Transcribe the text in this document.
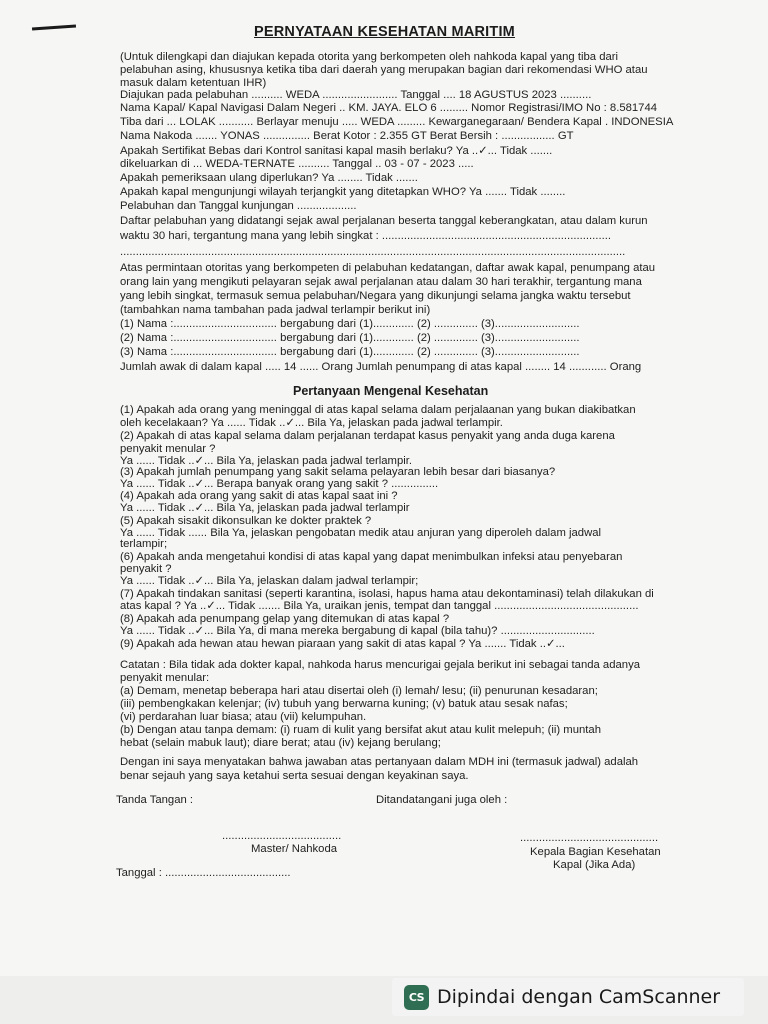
PERNYATAAN KESEHATAN MARITIM
(Untuk dilengkapi dan diajukan kepada otorita yang berkompeten oleh nahkoda kapal yang tiba dari
pelabuhan asing, khususnya ketika tiba dari daerah yang merupakan bagian dari rekomendasi WHO atau
masuk dalam ketentuan IHR)
Diajukan pada pelabuhan .......... WEDA ........................ Tanggal .... 18 AGUSTUS 2023 ..........
Nama Kapal/ Kapal Navigasi Dalam Negeri .. KM. JAYA. ELO 6 ......... Nomor Registrasi/IMO No : 8.581744
Tiba dari ... LOLAK ........... Berlayar menuju ..... WEDA ......... Kewarganegaraan/ Bendera Kapal . INDONESIA
Nama Nakoda ....... YONAS ............... Berat Kotor : 2.355 GT Berat Bersih : ................. GT
Apakah Sertifikat Bebas dari Kontrol sanitasi kapal masih berlaku? Ya ..✓... Tidak .......
dikeluarkan di ... WEDA-TERNATE .......... Tanggal .. 03 - 07 - 2023 .....
Apakah pemeriksaan ulang diperlukan? Ya ........ Tidak .......
Apakah kapal mengunjungi wilayah terjangkit yang ditetapkan WHO? Ya ....... Tidak ........
Pelabuhan dan Tanggal kunjungan ...................
Daftar pelabuhan yang didatangi sejak awal perjalanan beserta tanggal keberangkatan, atau dalam kurun
waktu 30 hari, tergantung mana yang lebih singkat : .........................................................................
.................................................................................................................................................................
Atas permintaan otoritas yang berkompeten di pelabuhan kedatangan, daftar awak kapal, penumpang atau
orang lain yang mengikuti pelayaran sejak awal perjalanan atau dalam 30 hari terakhir, tergantung mana
yang lebih singkat, termasuk semua pelabuhan/Negara yang dikunjungi selama jangka waktu tersebut
(tambahkan nama tambahan pada jadwal terlampir berikut ini)
(1) Nama :................................. bergabung dari (1)............. (2) .............. (3)...........................
(2) Nama :................................. bergabung dari (1)............. (2) .............. (3)...........................
(3) Nama :................................. bergabung dari (1)............. (2) .............. (3)...........................
Jumlah awak di dalam kapal ..... 14 ...... Orang Jumlah penumpang di atas kapal ........ 14 ............ Orang
Pertanyaan Mengenal Kesehatan
(1) Apakah ada orang yang meninggal di atas kapal selama dalam perjalaanan yang bukan diakibatkan
oleh kecelakaan? Ya ...... Tidak ..✓... Bila Ya, jelaskan pada jadwal terlampir.
(2) Apakah di atas kapal selama dalam perjalanan terdapat kasus penyakit yang anda duga karena
penyakit menular ?
Ya ...... Tidak ..✓... Bila Ya, jelaskan pada jadwal terlampir.
(3) Apakah jumlah penumpang yang sakit selama pelayaran lebih besar dari biasanya?
Ya ...... Tidak ..✓... Berapa banyak orang yang sakit ? ...............
(4) Apakah ada orang yang sakit di atas kapal saat ini ?
Ya ...... Tidak ..✓... Bila Ya, jelaskan pada jadwal terlampir
(5) Apakah sisakit dikonsulkan ke dokter praktek ?
Ya ...... Tidak ...... Bila Ya, jelaskan pengobatan medik atau anjuran yang diperoleh dalam jadwal
terlampir;
(6) Apakah anda mengetahui kondisi di atas kapal yang dapat menimbulkan infeksi atau penyebaran
penyakit ?
Ya ...... Tidak ..✓... Bila Ya, jelaskan dalam jadwal terlampir;
(7) Apakah tindakan sanitasi (seperti karantina, isolasi, hapus hama atau dekontaminasi) telah dilakukan di
atas kapal ? Ya ..✓... Tidak ....... Bila Ya, uraikan jenis, tempat dan tanggal ..............................................
(8) Apakah ada penumpang gelap yang ditemukan di atas kapal ?
Ya ...... Tidak ..✓... Bila Ya, di mana mereka bergabung di kapal (bila tahu)? ..............................
(9) Apakah ada hewan atau hewan piaraan yang sakit di atas kapal ? Ya ....... Tidak ..✓...
Catatan : Bila tidak ada dokter kapal, nahkoda harus mencurigai gejala berikut ini sebagai tanda adanya
penyakit menular:
(a) Demam, menetap beberapa hari atau disertai oleh (i) lemah/ lesu; (ii) penurunan kesadaran;
(iii) pembengkakan kelenjar; (iv) tubuh yang berwarna kuning; (v) batuk atau sesak nafas;
(vi) perdarahan luar biasa; atau (vii) kelumpuhan.
(b) Dengan atau tanpa demam: (i) ruam di kulit yang bersifat akut atau kulit melepuh; (ii) muntah
hebat (selain mabuk laut); diare berat; atau (iv) kejang berulang;
Dengan ini saya menyatakan bahwa jawaban atas pertanyaan dalam MDH ini (termasuk jadwal) adalah
benar sejauh yang saya ketahui serta sesuai dengan keyakinan saya.
Tanda Tangan :	Ditandatangani juga oleh :
......................................	............................................
Master/ Nahkoda	Kepala Bagian Kesehatan
Kapal (Jika Ada)
Tanggal : ........................................
CS Dipindai dengan CamScanner
